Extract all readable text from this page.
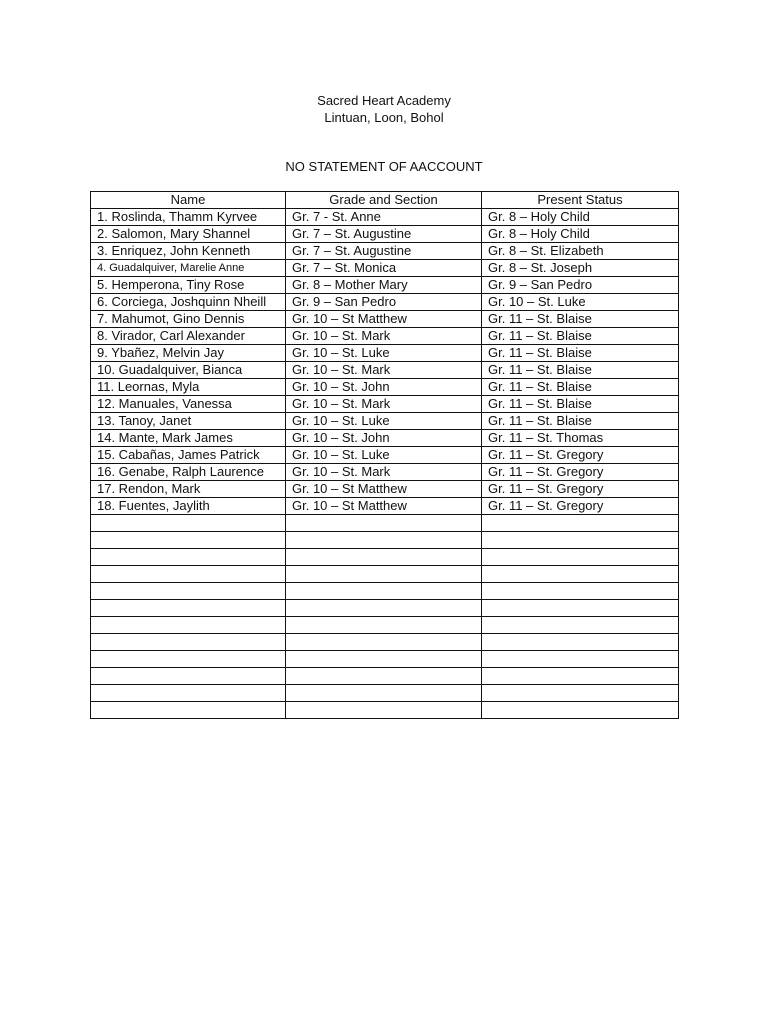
Sacred Heart Academy
Lintuan, Loon, Bohol
NO STATEMENT OF AACCOUNT
Name	Grade and Section	Present Status
1. Roslinda, Thamm Kyrvee	Gr. 7 - St. Anne	Gr. 8 – Holy Child
2. Salomon, Mary Shannel	Gr. 7 – St. Augustine	Gr. 8 – Holy Child
3. Enriquez, John Kenneth	Gr. 7 – St. Augustine	Gr. 8 – St. Elizabeth
4. Guadalquiver, Marelie Anne	Gr. 7 – St. Monica	Gr. 8 – St. Joseph
5. Hemperona, Tiny Rose	Gr. 8 – Mother Mary	Gr. 9 – San Pedro
6. Corciega, Joshquinn Nheill	Gr. 9 – San Pedro	Gr. 10 – St. Luke
7. Mahumot, Gino Dennis	Gr. 10 – St Matthew	Gr. 11 – St. Blaise
8. Virador, Carl Alexander	Gr. 10 – St. Mark	Gr. 11 – St. Blaise
9. Ybañez, Melvin Jay	Gr. 10 – St. Luke	Gr. 11 – St. Blaise
10. Guadalquiver, Bianca	Gr. 10 – St. Mark	Gr. 11 – St. Blaise
11. Leornas, Myla	Gr. 10 – St. John	Gr. 11 – St. Blaise
12. Manuales, Vanessa	Gr. 10 – St. Mark	Gr. 11 – St. Blaise
13. Tanoy, Janet	Gr. 10 – St. Luke	Gr. 11 – St. Blaise
14. Mante, Mark James	Gr. 10 – St. John	Gr. 11 – St. Thomas
15. Cabañas, James Patrick	Gr. 10 – St. Luke	Gr. 11 – St. Gregory
16. Genabe, Ralph Laurence	Gr. 10 – St. Mark	Gr. 11 – St. Gregory
17. Rendon, Mark	Gr. 10 – St Matthew	Gr. 11 – St. Gregory
18. Fuentes, Jaylith	Gr. 10 – St Matthew	Gr. 11 – St. Gregory
